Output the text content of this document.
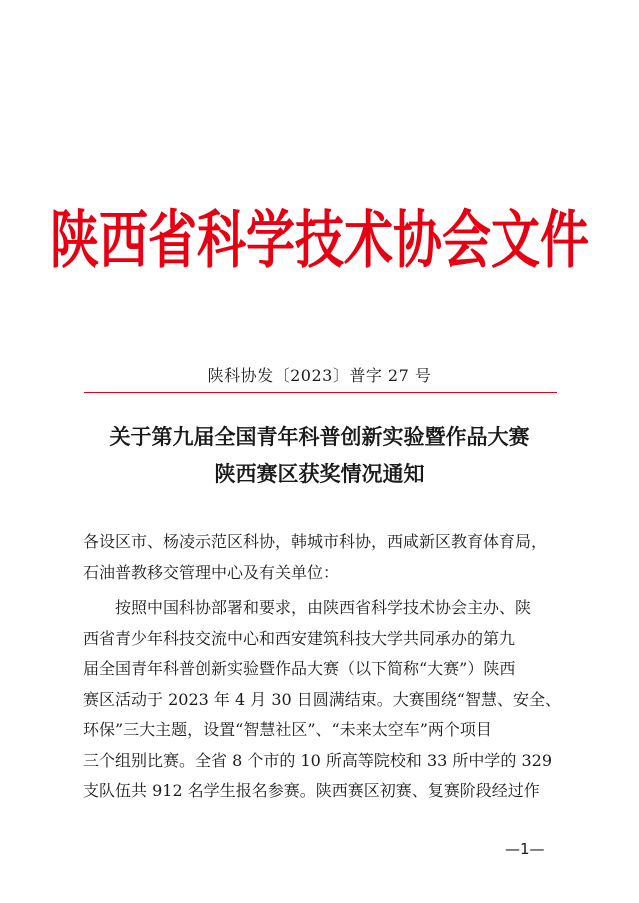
陕西省科学技术协会文件
陕科协发〔2023〕普字 27 号
关于第九届全国青年科普创新实验暨作品大赛
陕西赛区获奖情况通知
各设区市、杨凌示范区科协，韩城市科协，西咸新区教育体育局，
石油普教移交管理中心及有关单位：
按照中国科协部署和要求，由陕西省科学技术协会主办、陕
西省青少年科技交流中心和西安建筑科技大学共同承办的第九
届全国青年科普创新实验暨作品大赛（以下简称“大赛”）陕西
赛区活动于 2023 年 4 月 30 日圆满结束。大赛围绕“智慧、安全、
环保”三大主题，设置“智慧社区”、“未来太空车”两个项目
三个组别比赛。全省 8 个市的 10 所高等院校和 33 所中学的 329
支队伍共 912 名学生报名参赛。陕西赛区初赛、复赛阶段经过作
—1—
